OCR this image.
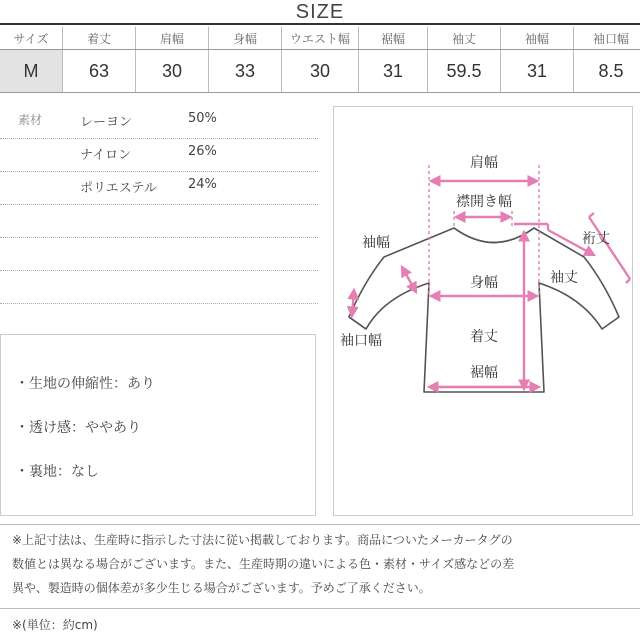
SIZE
サイズ	着丈	肩幅	身幅	ウエスト幅	裾幅	袖丈	袖幅	袖口幅
M	63	30	33	30	31	59.5	31	8.5
素材	レーヨン	50%
ナイロン	26%
ポリエステル 24%
・生地の伸縮性：あり
・透け感：ややあり
・裏地：なし
肩幅
襟開き幅
袖幅	裄丈
袖丈
身幅
袖口幅	着丈
裾幅
※上記寸法は、生産時に指示した寸法に従い掲載しております。商品についたメーカータグの
数値とは異なる場合がございます。また、生産時期の違いによる色・素材・サイズ感などの差
異や、製造時の個体差が多少生じる場合がございます。予めご了承ください。
※(単位：約cm)
